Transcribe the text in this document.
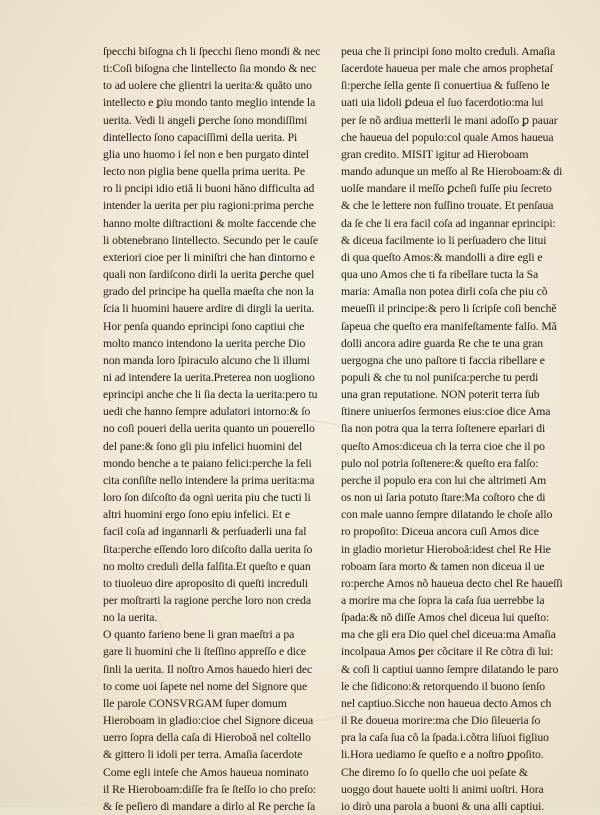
ſpecchi biſogna ch li ſpecchi ſieno mondi & nec
ti:Coſi biſogna che lintellecto ſia mondo & nec
to ad uolere che glientri la uerita:& quăto uno
intellecto e ꝑiu mondo tanto meglio intende la
uerita. Vedi li angeli ꝑerche ſono mondiſſimi
dintellecto ſono capaciſſimi della uerita. Pi
glia uno huomo i ſel non e ben purgato dintel
lecto non piglia bene quella prima uerita. Pe
ro li pncipi idio etiă li buoni hăno difficulta ad
intender la uerita per piu ragioni:prima perche
hanno molte diſtractioni & molte faccende che
li obtenebrano lintellecto. Secundo per le cauſe
exteriori cioe per li miniſtri che han dintorno e
quali non ſardiſcono dirli la uerita ꝑerche quel
grado del principe ha quella maeſta che non la
ſcia li huomini hauere ardire di dirgli la uerita.
Hor penſa quando eprincipi ſono captiui che
molto manco intendono la uerita perche Dio
non manda loro ſpiraculo alcuno che li illumi
ni ad intendere la uerita.Preterea non uogliono
eprincipi anche che li ſia decta la uerita:pero tu
uedi che hanno ſempre adulatori intorno:& ſo
no coſi poueri della uerita quanto un pouerello
del pane:& ſono gli piu infelici huomini del
mondo benche a te paiano felici:perche la feli
cita conſiſte nello intendere la prima uerita:ma
loro ſon diſcoſto da ogni uerita piu che tucti li
altri huomini ergo ſono epiu infelici. Et e
facil coſa ad ingannarli & perſuaderli una fal
ſita:perche eſſendo loro diſcoſto dalla uerita ſo
no molto creduli della falſita.Et queſto e quan
to tiuoleuo dire aproposito di queſti increduli
per moſtrarti la ragione perche loro non creda
no la uerita.
O quanto farieno bene li gran maeſtri a pa
gare li huomini che li ſteſſino appreſſo e dice
ſinli la uerita. Il noſtro Amos hauedo hieri dec
to come uoi ſapete nel nome del Signore que
lle parole CONSVRGAM ſuper domum
Hieroboam in gladio:cioe chel Signore diceua
uerro ſopra della caſa di Hieroboă nel coltello
& gittero li idoli per terra. Amaſia ſacerdote
Come egli inteſe che Amos haueua nominato
il Re Hieroboam:diſſe fra ſe ſteſſo io cho preſo:
& ſe peſiero di mandare a dirlo al Re perche ſa
peua che li principi ſono molto creduli. Amaſia
ſacerdote haueua per male che amos prophetaſ
ſi:perche ſella gente ſi conuertiua & fuſſeno le
uati uia lidoli ꝑdeua el ſuo facerdotio:ma lui
per ſe nõ ardiua metterli le mani adoſſo ꝑ pauar
che haueua del populo:col quale Amos haueua
gran credito. MISIT igitur ad Hieroboam
mando adunque un meſſo al Re Hieroboam:& di
uolſe mandare il meſſo ꝑcheſi fuſſe piu ſecreto
& che le lettere non fuſſino trouate. Et penſaua
da ſe che li era facil coſa ad ingannar eprincipi:
& diceua facilmente io li perſuadero che litui
di qua queſto Amos:& mandolli a dire egli e
qua uno Amos che ti fa ribellare tucta la Sa
maria: Amaſia non potea dirli coſa che piu cõ
meueſſi il principe:& pero li ſcripſe coſi benchĕ
ſapeua che queſto era manifeſtamente falſo. Mă
dolli ancora adire guarda Re che te una gran
uergogna che uno paſtore ti faccia ribellare e
populi & che tu nol puniſca:perche tu perdi
una gran reputatione. NON poterit terra ſub
ſtinere uniuerſos ſermones eius:cioe dice Ama
ſia non potra qua la terra ſoſtenere eparlari di
queſto Amos:diceua ch la terra cioe che il po
pulo nol potria ſoſtenere:& queſto era falſo:
perche il populo era con lui che altrimeti Am
os non ui ſaria potuto ſtare:Ma coſtoro che di
con male uanno ſempre dilatando le choſe allo
ro propoſito: Diceua ancora cuſi Amos dice
in gladio morietur Hieroboă:idest chel Re Hie
roboam ſara morto & tamen non diceua il ue
ro:perche Amos nõ haueua decto chel Re haueſſi
a morire ma che ſopra la caſa ſua uerrebbe la
ſpada:& nõ diſſe Amos chel diceua lui queſto:
ma che gli era Dio quel chel diceua:ma Amaſia
incolpaua Amos ꝑer cõcitare il Re cõtra di lui:
& coſi li captiui uanno ſempre dilatando le paro
le che ſidicono:& retorquendo il buono ſenſo
nel captiuo.Sicche non haueua decto Amos ch
il Re doueua morire:ma che Dio ſileueria ſo
pra la caſa ſua cõ la ſpada.i.cõtra liſuoi figliuo
li.Hora uediamo ſe queſto e a noſtro ꝑpoſito.
Che diremo ſo ſo quello che uoi peſate &
uoggo dout hauete uolti li animi uoſtri. Hora
io dirò una parola a buoni & una alli captiui.
